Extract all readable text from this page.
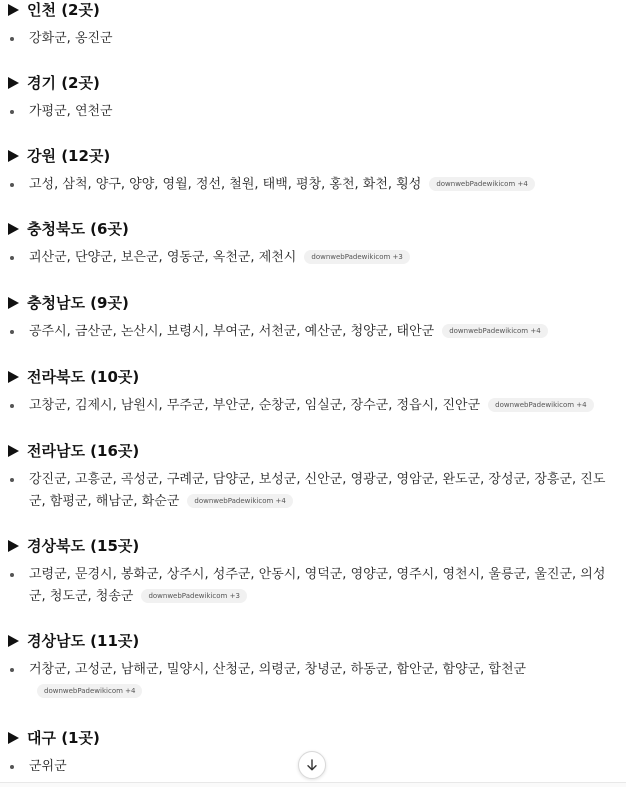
인천 (2곳)
강화군, 옹진군
경기 (2곳)
가평군, 연천군
강원 (12곳)
고성, 삼척, 양구, 양양, 영월, 정선, 철원, 태백, 평창, 홍천, 화천, 횡성 downwebPadewikicom +4
충청북도 (6곳)
괴산군, 단양군, 보은군, 영동군, 옥천군, 제천시 downwebPadewikicom +3
충청남도 (9곳)
공주시, 금산군, 논산시, 보령시, 부여군, 서천군, 예산군, 청양군, 태안군 downwebPadewikicom +4
전라북도 (10곳)
고창군, 김제시, 남원시, 무주군, 부안군, 순창군, 임실군, 장수군, 정읍시, 진안군 downwebPadewikicom +4
전라남도 (16곳)
강진군, 고흥군, 곡성군, 구례군, 담양군, 보성군, 신안군, 영광군, 영암군, 완도군, 장성군, 장흥군, 진도군, 함평군, 해남군, 화순군 downwebPadewikicom +4
경상북도 (15곳)
고령군, 문경시, 봉화군, 상주시, 성주군, 안동시, 영덕군, 영양군, 영주시, 영천시, 울릉군, 울진군, 의성군, 청도군, 청송군 downwebPadewikicom +3
경상남도 (11곳)
거창군, 고성군, 남해군, 밀양시, 산청군, 의령군, 창녕군, 하동군, 함안군, 함양군, 합천군downwebPadewikicom +4
대구 (1곳)
군위군
